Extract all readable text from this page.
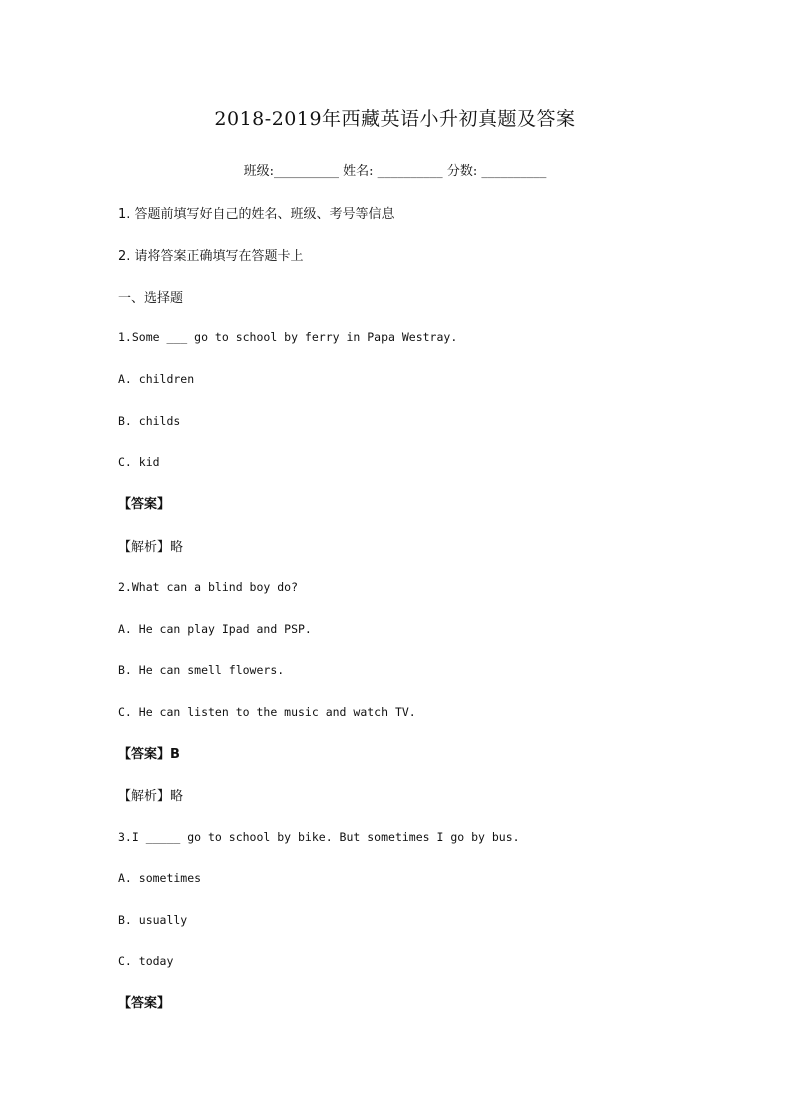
2018-2019年西藏英语小升初真题及答案
班级:__________ 姓名: __________ 分数: __________
1. 答题前填写好自己的姓名、班级、考号等信息
2. 请将答案正确填写在答题卡上
一、选择题
1.Some ___ go to school by ferry in Papa Westray.
A. children
B. childs
C. kid
【答案】
【解析】略
2.What can a blind boy do?
A. He can play Ipad and PSP.
B. He can smell flowers.
C. He can listen to the music and watch TV.
【答案】B
【解析】略
3.I _____ go to school by bike. But sometimes I go by bus.
A. sometimes
B. usually
C. today
【答案】
